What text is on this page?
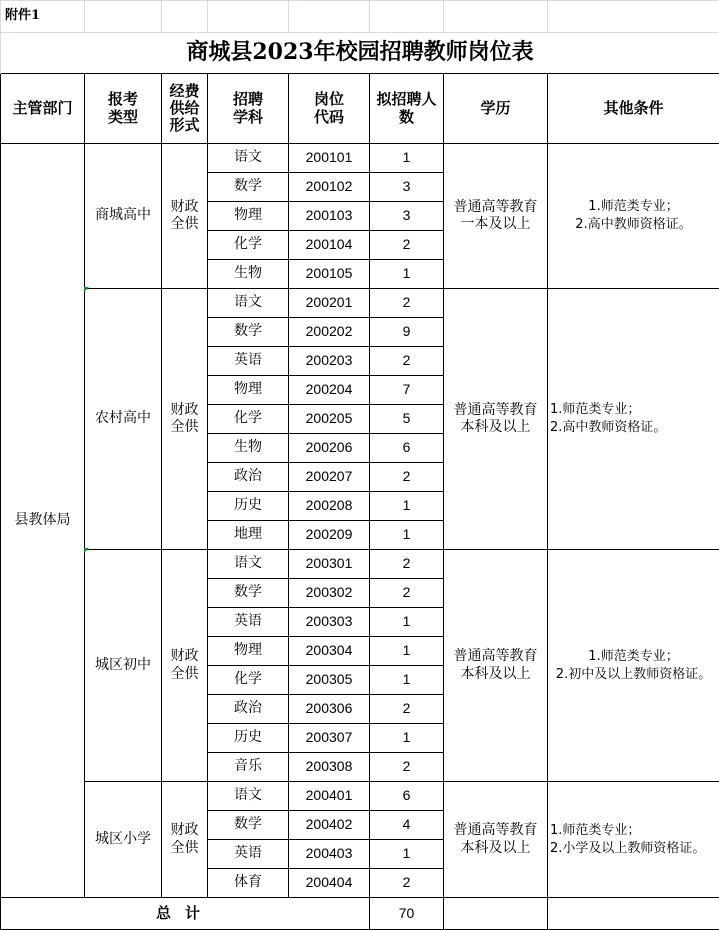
附件1							
商城县2023年校园招聘教师岗位表							
主管部门	报考类型	经费供给形式	招聘学科	岗位代码	拟招聘人数	学历	其他条件
县教体局	商城高中	财政全供	语文	200101	1	普通高等教育一本及以上	1.师范类专业；
2.高中教师资格证。

			数学	200102	3		
			物理	200103	3		
			化学	200104	2		
			生物	200105	1		
	农村高中	财政全供	语文	200201	2	普通高等教育本科及以上	1.师范类专业；
2.高中教师资格证。

			数学	200202	9		
			英语	200203	2		
			物理	200204	7		
			化学	200205	5		
			生物	200206	6		
			政治	200207	2		
			历史	200208	1		
			地理	200209	1		
	城区初中	财政全供	语文	200301	2	普通高等教育本科及以上	1.师范类专业；
2.初中及以上教师资格证。

			数学	200302	2		
			英语	200303	1		
			物理	200304	1		
			化学	200305	1		
			政治	200306	2		
			历史	200307	1		
			音乐	200308	2		
	城区小学	财政全供	语文	200401	6	普通高等教育本科及以上	1.师范类专业；
2.小学及以上教师资格证。

			数学	200402	4		
			英语	200403	1		
			体育	200404	2		
总计					70		
